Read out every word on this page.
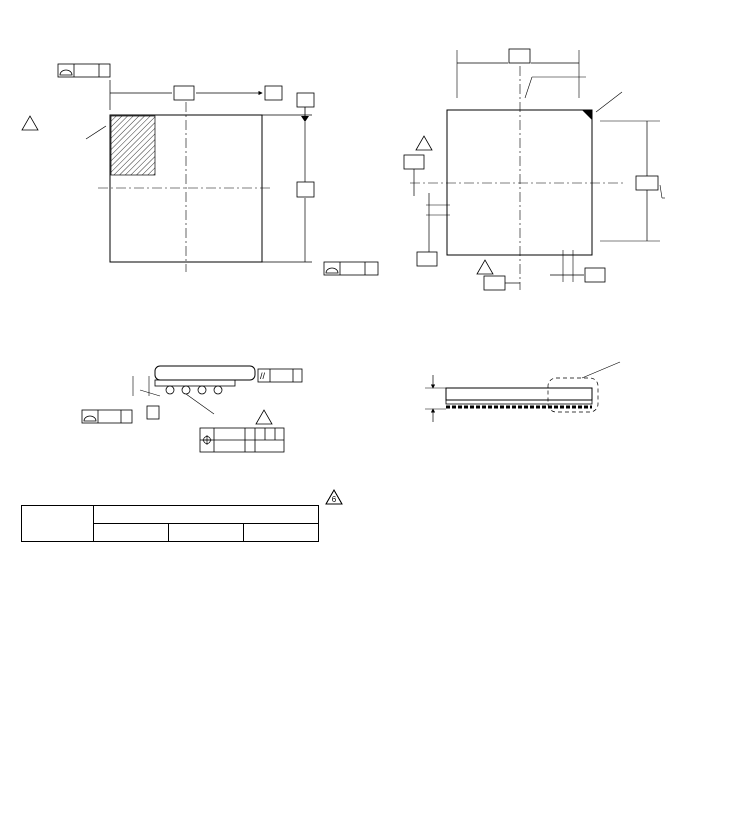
//

6
